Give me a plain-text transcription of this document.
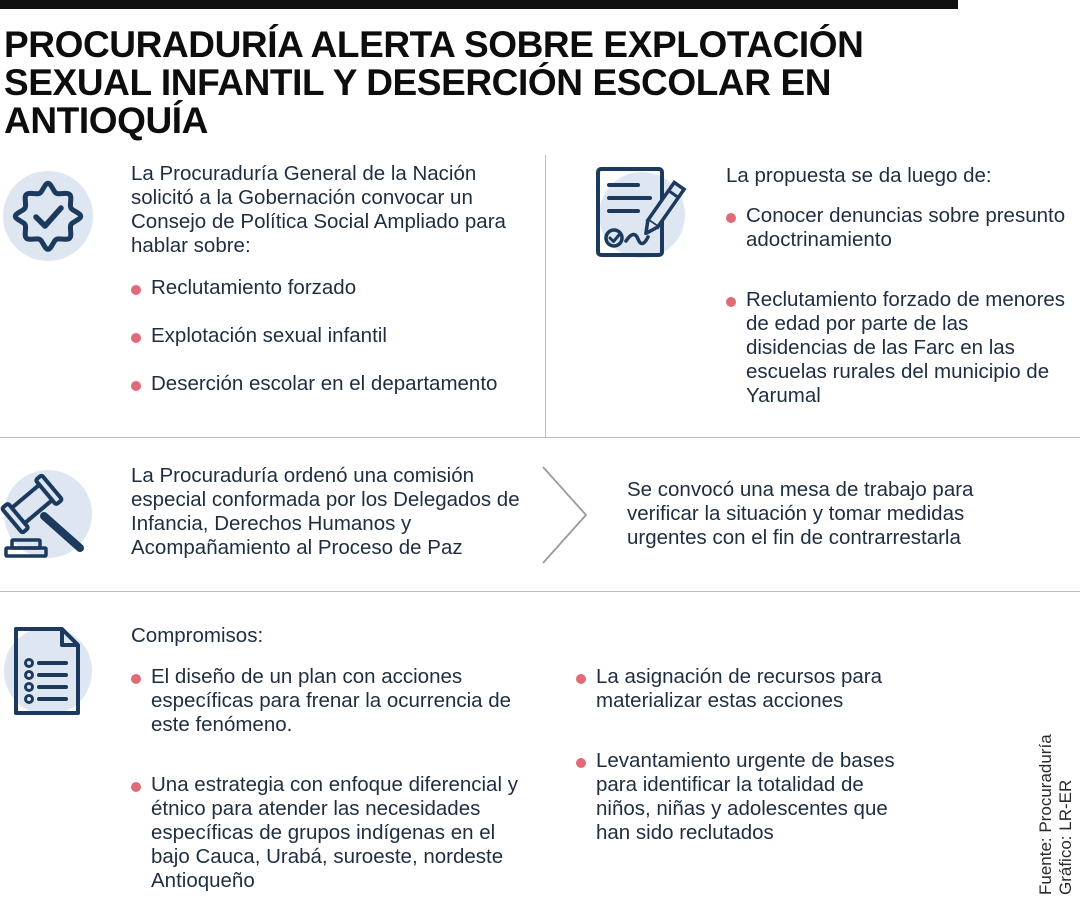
PROCURADURÍA ALERTA SOBRE EXPLOTACIÓN SEXUAL INFANTIL Y DESERCIÓN ESCOLAR EN ANTIOQUÍA

La Procuraduría General de la Nación solicitó a la Gobernación convocar un Consejo de Política Social Ampliado para hablar sobre:

Reclutamiento forzado
Explotación sexual infantil
Deserción escolar en el departamento

La propuesta se da luego de:

Conocer denuncias sobre presunto adoctrinamiento
Reclutamiento forzado de menores de edad por parte de las disidencias de las Farc en las escuelas rurales del municipio de Yarumal

La Procuraduría ordenó una comisión especial conformada por los Delegados de Infancia, Derechos Humanos y Acompañamiento al Proceso de Paz

Se convocó una mesa de trabajo para verificar la situación y tomar medidas urgentes con el fin de contrarrestarla

Compromisos:

El diseño de un plan con acciones específicas para frenar la ocurrencia de este fenómeno.
Una estrategia con enfoque diferencial y étnico para atender las necesidades específicas de grupos indígenas en el bajo Cauca, Urabá, suroeste, nordeste Antioqueño
La asignación de recursos para materializar estas acciones
Levantamiento urgente de bases para identificar la totalidad de niños, niñas y adolescentes que han sido reclutados	Fuente: Procuraduría Gráfico: LR-ER
